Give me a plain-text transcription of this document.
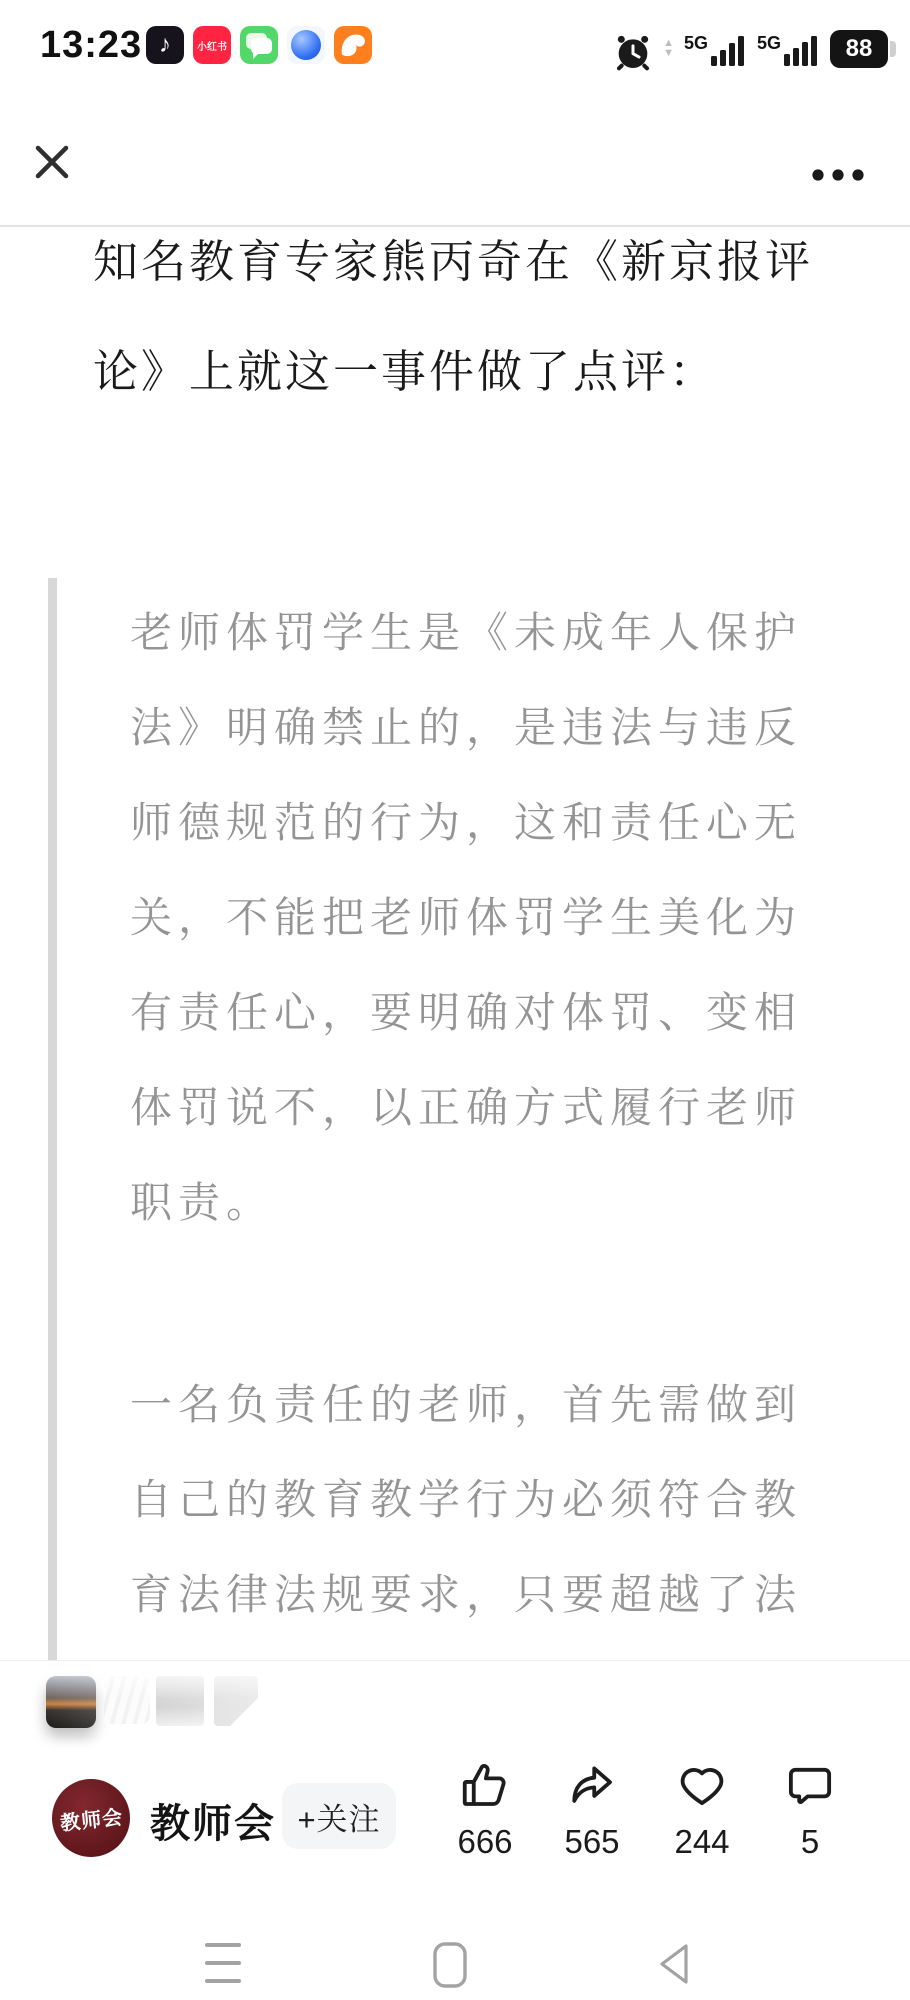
13:23 ♪	小红书	▲
▼ 5G	5G	88
知名教育专家熊丙奇在《新京报评
论》上就这一事件做了点评：
老师体罚学生是《未成年人保护
法》明确禁止的，是违法与违反
师德规范的行为，这和责任心无
关，不能把老师体罚学生美化为
有责任心，要明确对体罚、变相
体罚说不，以正确方式履行老师
职责。
一名负责任的老师，首先需做到
自己的教育教学行为必须符合教
育法律法规要求，只要超越了法
教师会 教师会 +关注
666	565	244	5
